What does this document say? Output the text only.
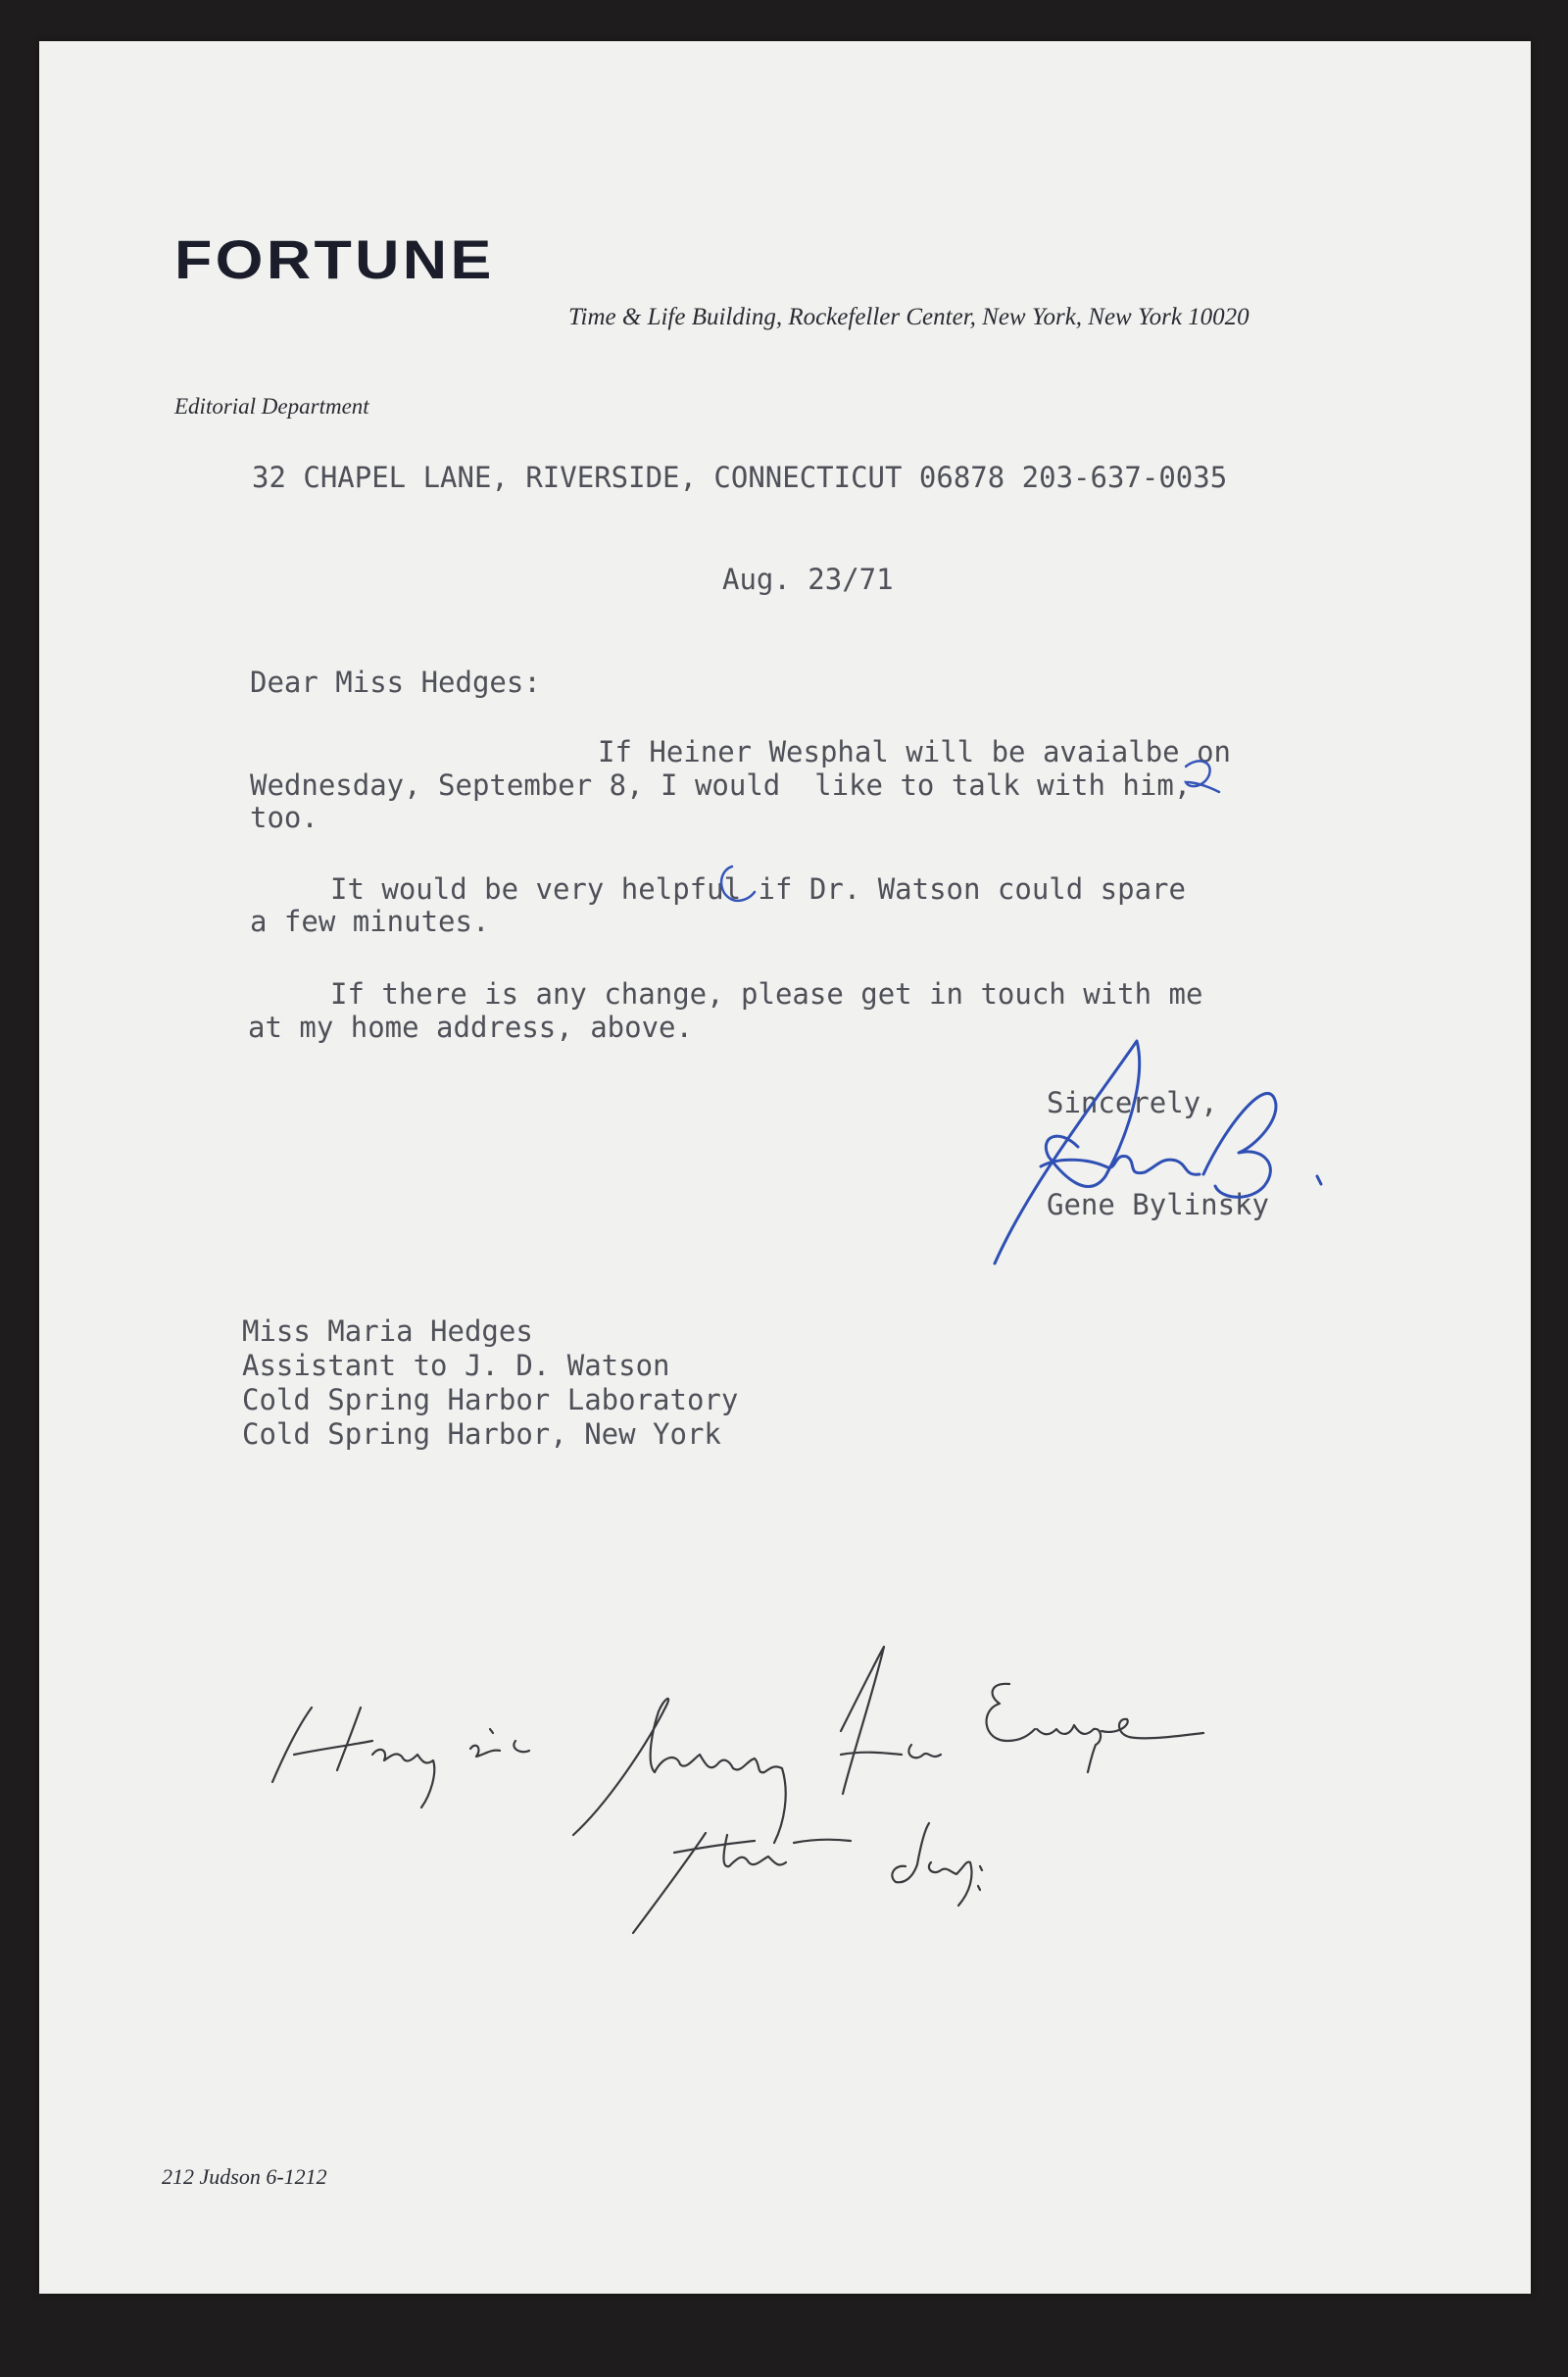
FORTUNE
Time & Life Building, Rockefeller Center, New York, New York 10020
Editorial Department
32 CHAPEL LANE, RIVERSIDE, CONNECTICUT 06878 203-637-0035
Aug. 23/71
Dear Miss Hedges:
If Heiner Wesphal will be avaialbe on
Wednesday, September 8, I would  like to talk with him,
too.
It would be very helpful if Dr. Watson could spare
a few minutes.
If there is any change, please get in touch with me
at my home address, above.
Sincerely,
Gene Bylinsky
Miss Maria Hedges
Assistant to J. D. Watson
Cold Spring Harbor Laboratory
Cold Spring Harbor, New York
212 Judson 6-1212
